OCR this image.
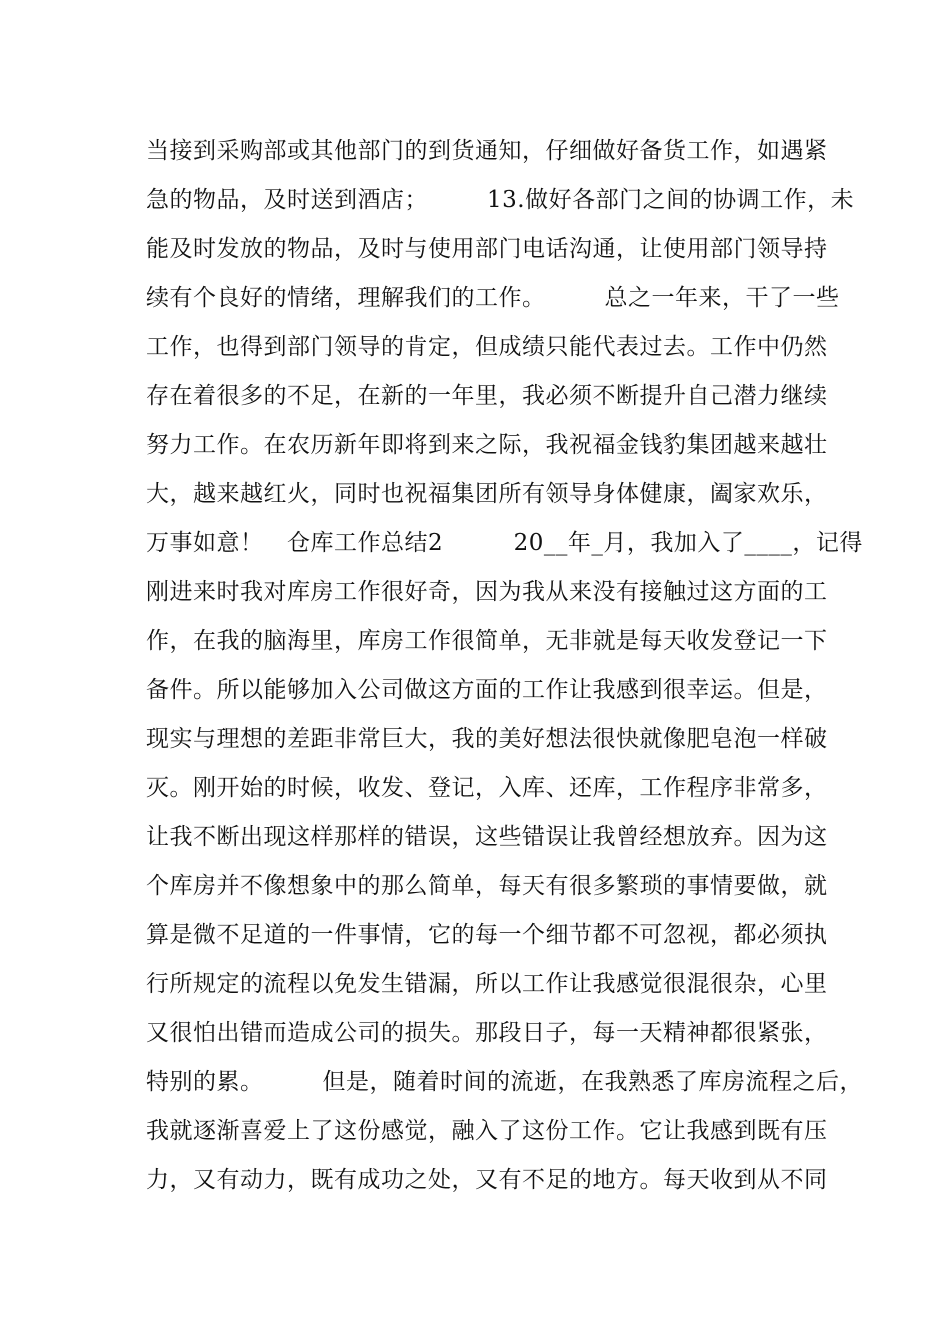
当接到采购部或其他部门的到货通知，仔细做好备货工作，如遇紧
急的物品，及时送到酒店；　　　13.做好各部门之间的协调工作，未
能及时发放的物品，及时与使用部门电话沟通，让使用部门领导持
续有个良好的情绪，理解我们的工作。　　　总之一年来，干了一些
工作，也得到部门领导的肯定，但成绩只能代表过去。工作中仍然
存在着很多的不足，在新的一年里，我必须不断提升自己潜力继续
努力工作。在农历新年即将到来之际，我祝福金钱豹集团越来越壮
大，越来越红火，同时也祝福集团所有领导身体健康，阖家欢乐，
万事如意！　仓库工作总结2　　　20__年_月，我加入了____，记得
刚进来时我对库房工作很好奇，因为我从来没有接触过这方面的工
作，在我的脑海里，库房工作很简单，无非就是每天收发登记一下
备件。所以能够加入公司做这方面的工作让我感到很幸运。但是，
现实与理想的差距非常巨大，我的美好想法很快就像肥皂泡一样破
灭。刚开始的时候，收发、登记，入库、还库，工作程序非常多，
让我不断出现这样那样的错误，这些错误让我曾经想放弃。因为这
个库房并不像想象中的那么简单，每天有很多繁琐的事情要做，就
算是微不足道的一件事情，它的每一个细节都不可忽视，都必须执
行所规定的流程以免发生错漏，所以工作让我感觉很混很杂，心里
又很怕出错而造成公司的损失。那段日子，每一天精神都很紧张，
特别的累。　　　但是，随着时间的流逝，在我熟悉了库房流程之后，
我就逐渐喜爱上了这份感觉，融入了这份工作。它让我感到既有压
力，又有动力，既有成功之处，又有不足的地方。每天收到从不同
